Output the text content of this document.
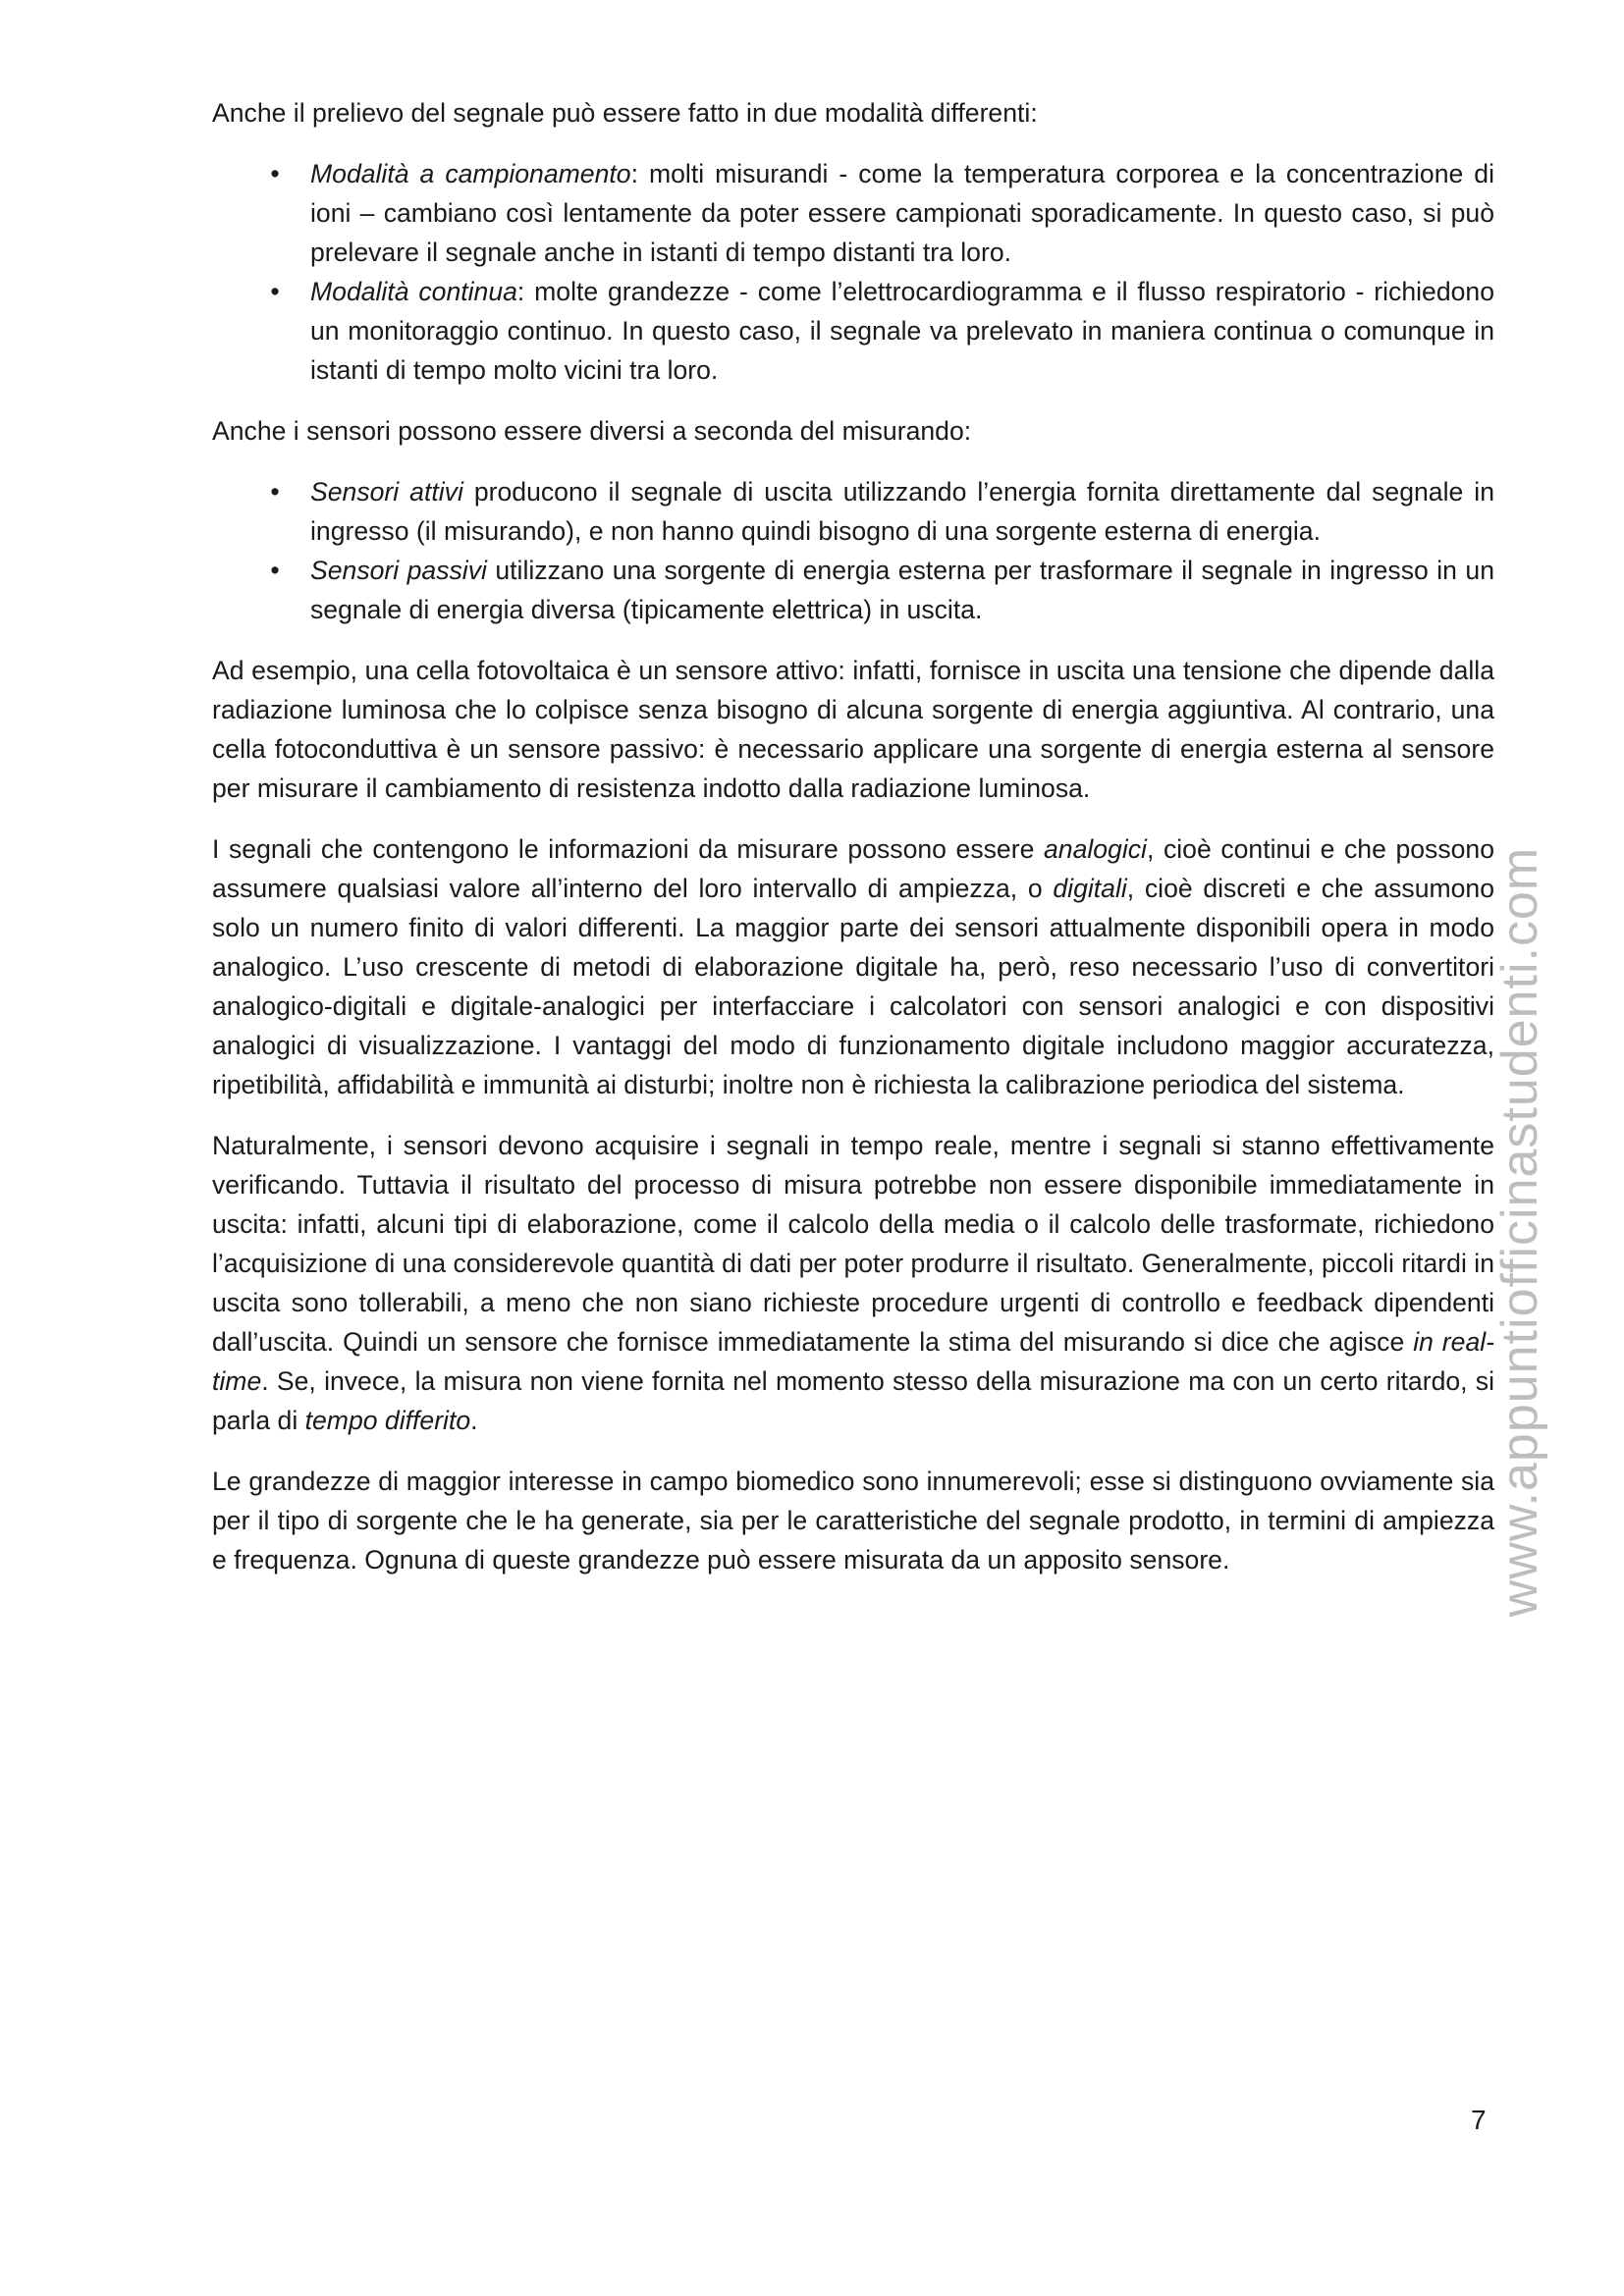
Anche il prelievo del segnale può essere fatto in due modalità differenti:

• Modalità a campionamento: molti misurandi - come la temperatura corporea e la concentrazione di ioni – cambiano così lentamente da poter essere campionati sporadicamente. In questo caso, si può prelevare il segnale anche in istanti di tempo distanti tra loro.
• Modalità continua: molte grandezze - come l’elettrocardiogramma e il flusso respiratorio - richiedono un monitoraggio continuo. In questo caso, il segnale va prelevato in maniera continua o comunque in istanti di tempo molto vicini tra loro.

Anche i sensori possono essere diversi a seconda del misurando:

• Sensori attivi producono il segnale di uscita utilizzando l’energia fornita direttamente dal segnale in ingresso (il misurando), e non hanno quindi bisogno di una sorgente esterna di energia.
• Sensori passivi utilizzano una sorgente di energia esterna per trasformare il segnale in ingresso in un segnale di energia diversa (tipicamente elettrica) in uscita.

Ad esempio, una cella fotovoltaica è un sensore attivo: infatti, fornisce in uscita una tensione che dipende dalla radiazione luminosa che lo colpisce senza bisogno di alcuna sorgente di energia aggiuntiva. Al contrario, una cella fotoconduttiva è un sensore passivo: è necessario applicare una sorgente di energia esterna al sensore per misurare il cambiamento di resistenza indotto dalla radiazione luminosa.

I segnali che contengono le informazioni da misurare possono essere analogici, cioè continui e che possono assumere qualsiasi valore all’interno del loro intervallo di ampiezza, o digitali, cioè discreti e che assumono solo un numero finito di valori differenti. La maggior parte dei sensori attualmente disponibili opera in modo analogico. L’uso crescente di metodi di elaborazione digitale ha, però, reso necessario l’uso di convertitori analogico-digitali e digitale-analogici per interfacciare i calcolatori con sensori analogici e con dispositivi analogici di visualizzazione. I vantaggi del modo di funzionamento digitale includono maggior accuratezza, ripetibilità, affidabilità e immunità ai disturbi; inoltre non è richiesta la calibrazione periodica del sistema.

Naturalmente, i sensori devono acquisire i segnali in tempo reale, mentre i segnali si stanno effettivamente verificando. Tuttavia il risultato del processo di misura potrebbe non essere disponibile immediatamente in uscita: infatti, alcuni tipi di elaborazione, come il calcolo della media o il calcolo delle trasformate, richiedono l’acquisizione di una considerevole quantità di dati per poter produrre il risultato. Generalmente, piccoli ritardi in uscita sono tollerabili, a meno che non siano richieste procedure urgenti di controllo e feedback dipendenti dall’uscita. Quindi un sensore che fornisce immediatamente la stima del misurando si dice che agisce in real-time. Se, invece, la misura non viene fornita nel momento stesso della misurazione ma con un certo ritardo, si parla di tempo differito.

Le grandezze di maggior interesse in campo biomedico sono innumerevoli; esse si distinguono ovviamente sia per il tipo di sorgente che le ha generate, sia per le caratteristiche del segnale prodotto, in termini di ampiezza e frequenza. Ognuna di queste grandezze può essere misurata da un apposito sensore.	www.appuntiofficinastudenti.com
7
